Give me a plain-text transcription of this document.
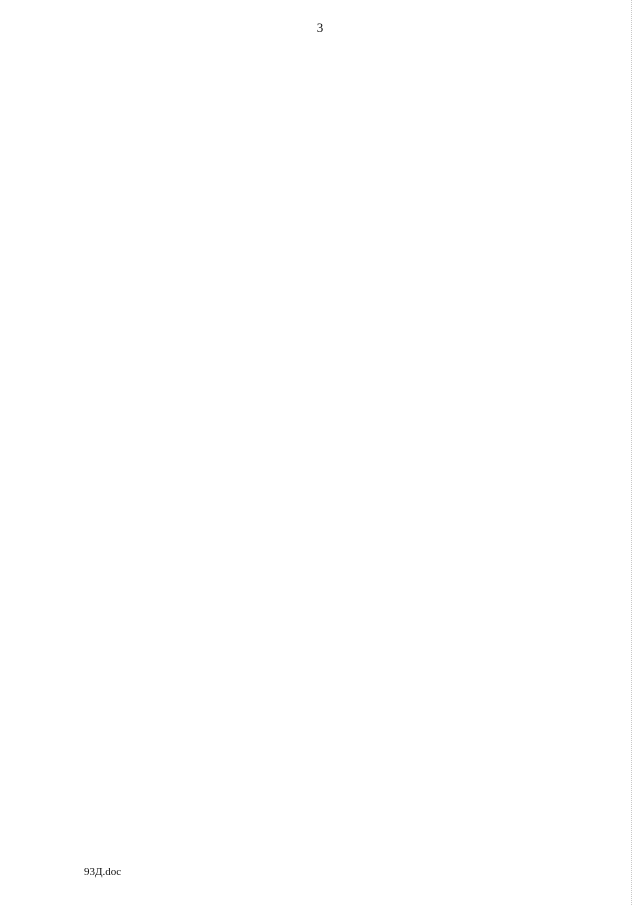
3
93Д.doc
